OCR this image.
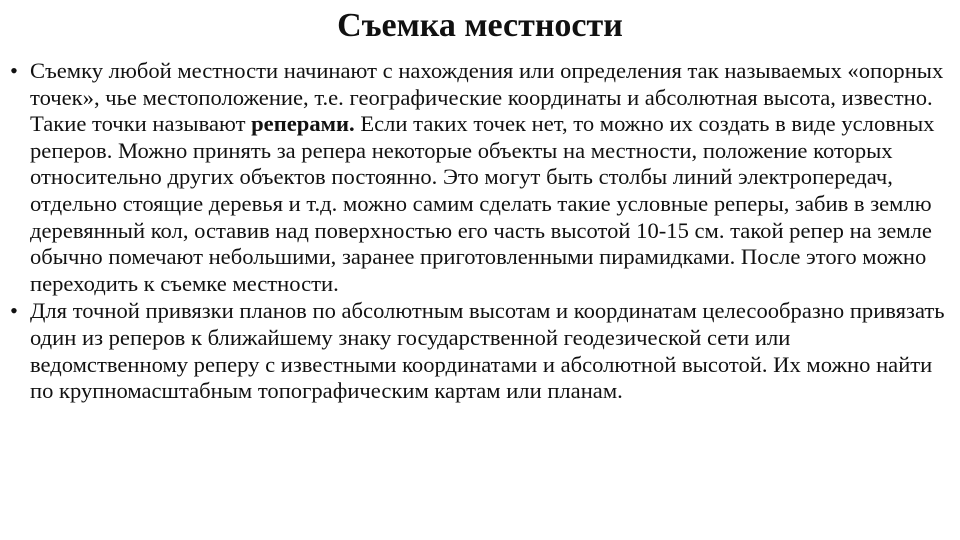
Съемка местности
• Съемку любой местности начинают с нахождения или определения так называемых «опорных точек», чье местоположение, т.е. географические координаты и абсолютная высота, известно. Такие точки называют реперами. Если таких точек нет, то можно их создать в виде условных реперов. Можно принять за репера некоторые объекты на местности, положение которых относительно других объектов постоянно. Это могут быть столбы линий электропередач, отдельно стоящие деревья и т.д. можно самим сделать такие условные реперы, забив в землю деревянный кол, оставив над поверхностью его часть высотой 10-15 см. такой репер на земле обычно помечают небольшими, заранее приготовленными пирамидками. После этого можно переходить к съемке местности.
• Для точной привязки планов по абсолютным высотам и координатам целесообразно привязать один из реперов к ближайшему знаку государственной геодезической сети или ведомственному реперу с известными координатами и абсолютной высотой. Их можно найти по крупномасштабным топографическим картам или планам.
